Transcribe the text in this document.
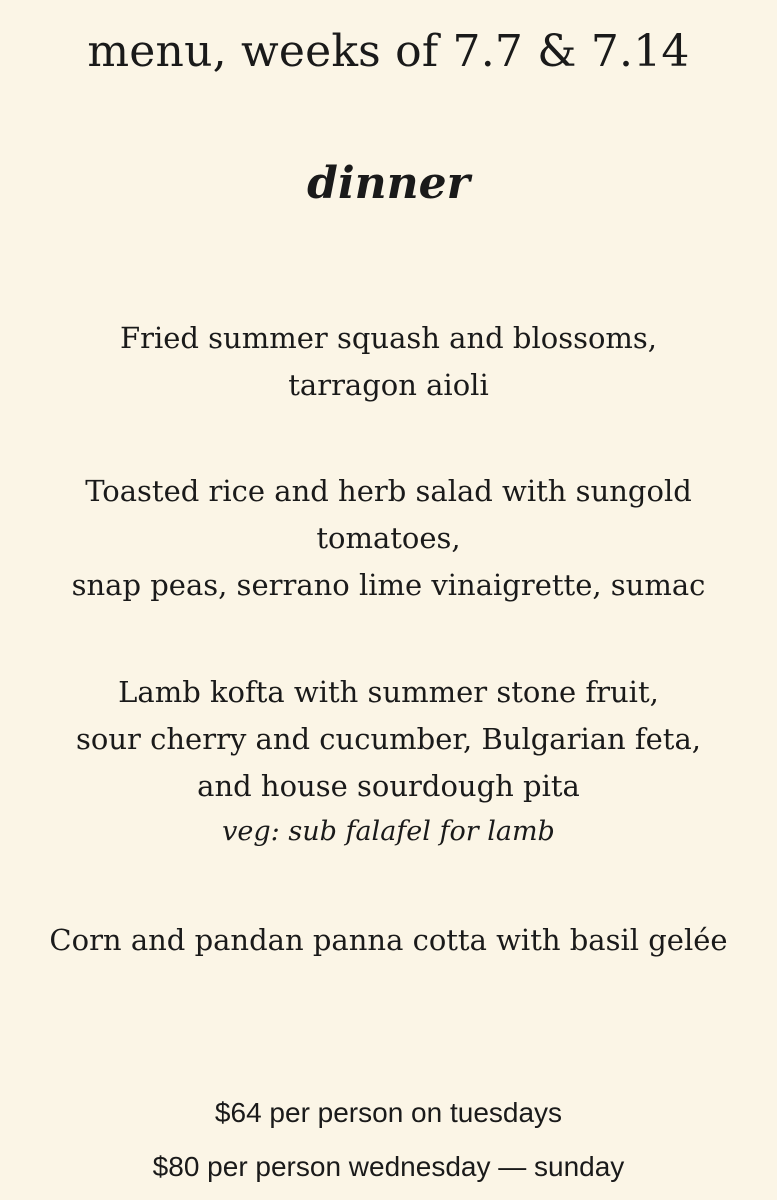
menu, weeks of 7.7 & 7.14
dinner
Fried summer squash and blossoms,
tarragon aioli
Toasted rice and herb salad with sungold
tomatoes,
snap peas, serrano lime vinaigrette, sumac
Lamb kofta with summer stone fruit,
sour cherry and cucumber, Bulgarian feta,
and house sourdough pita
veg: sub falafel for lamb
Corn and pandan panna cotta with basil gelée
$64 per person on tuesdays
$80 per person wednesday — sunday
